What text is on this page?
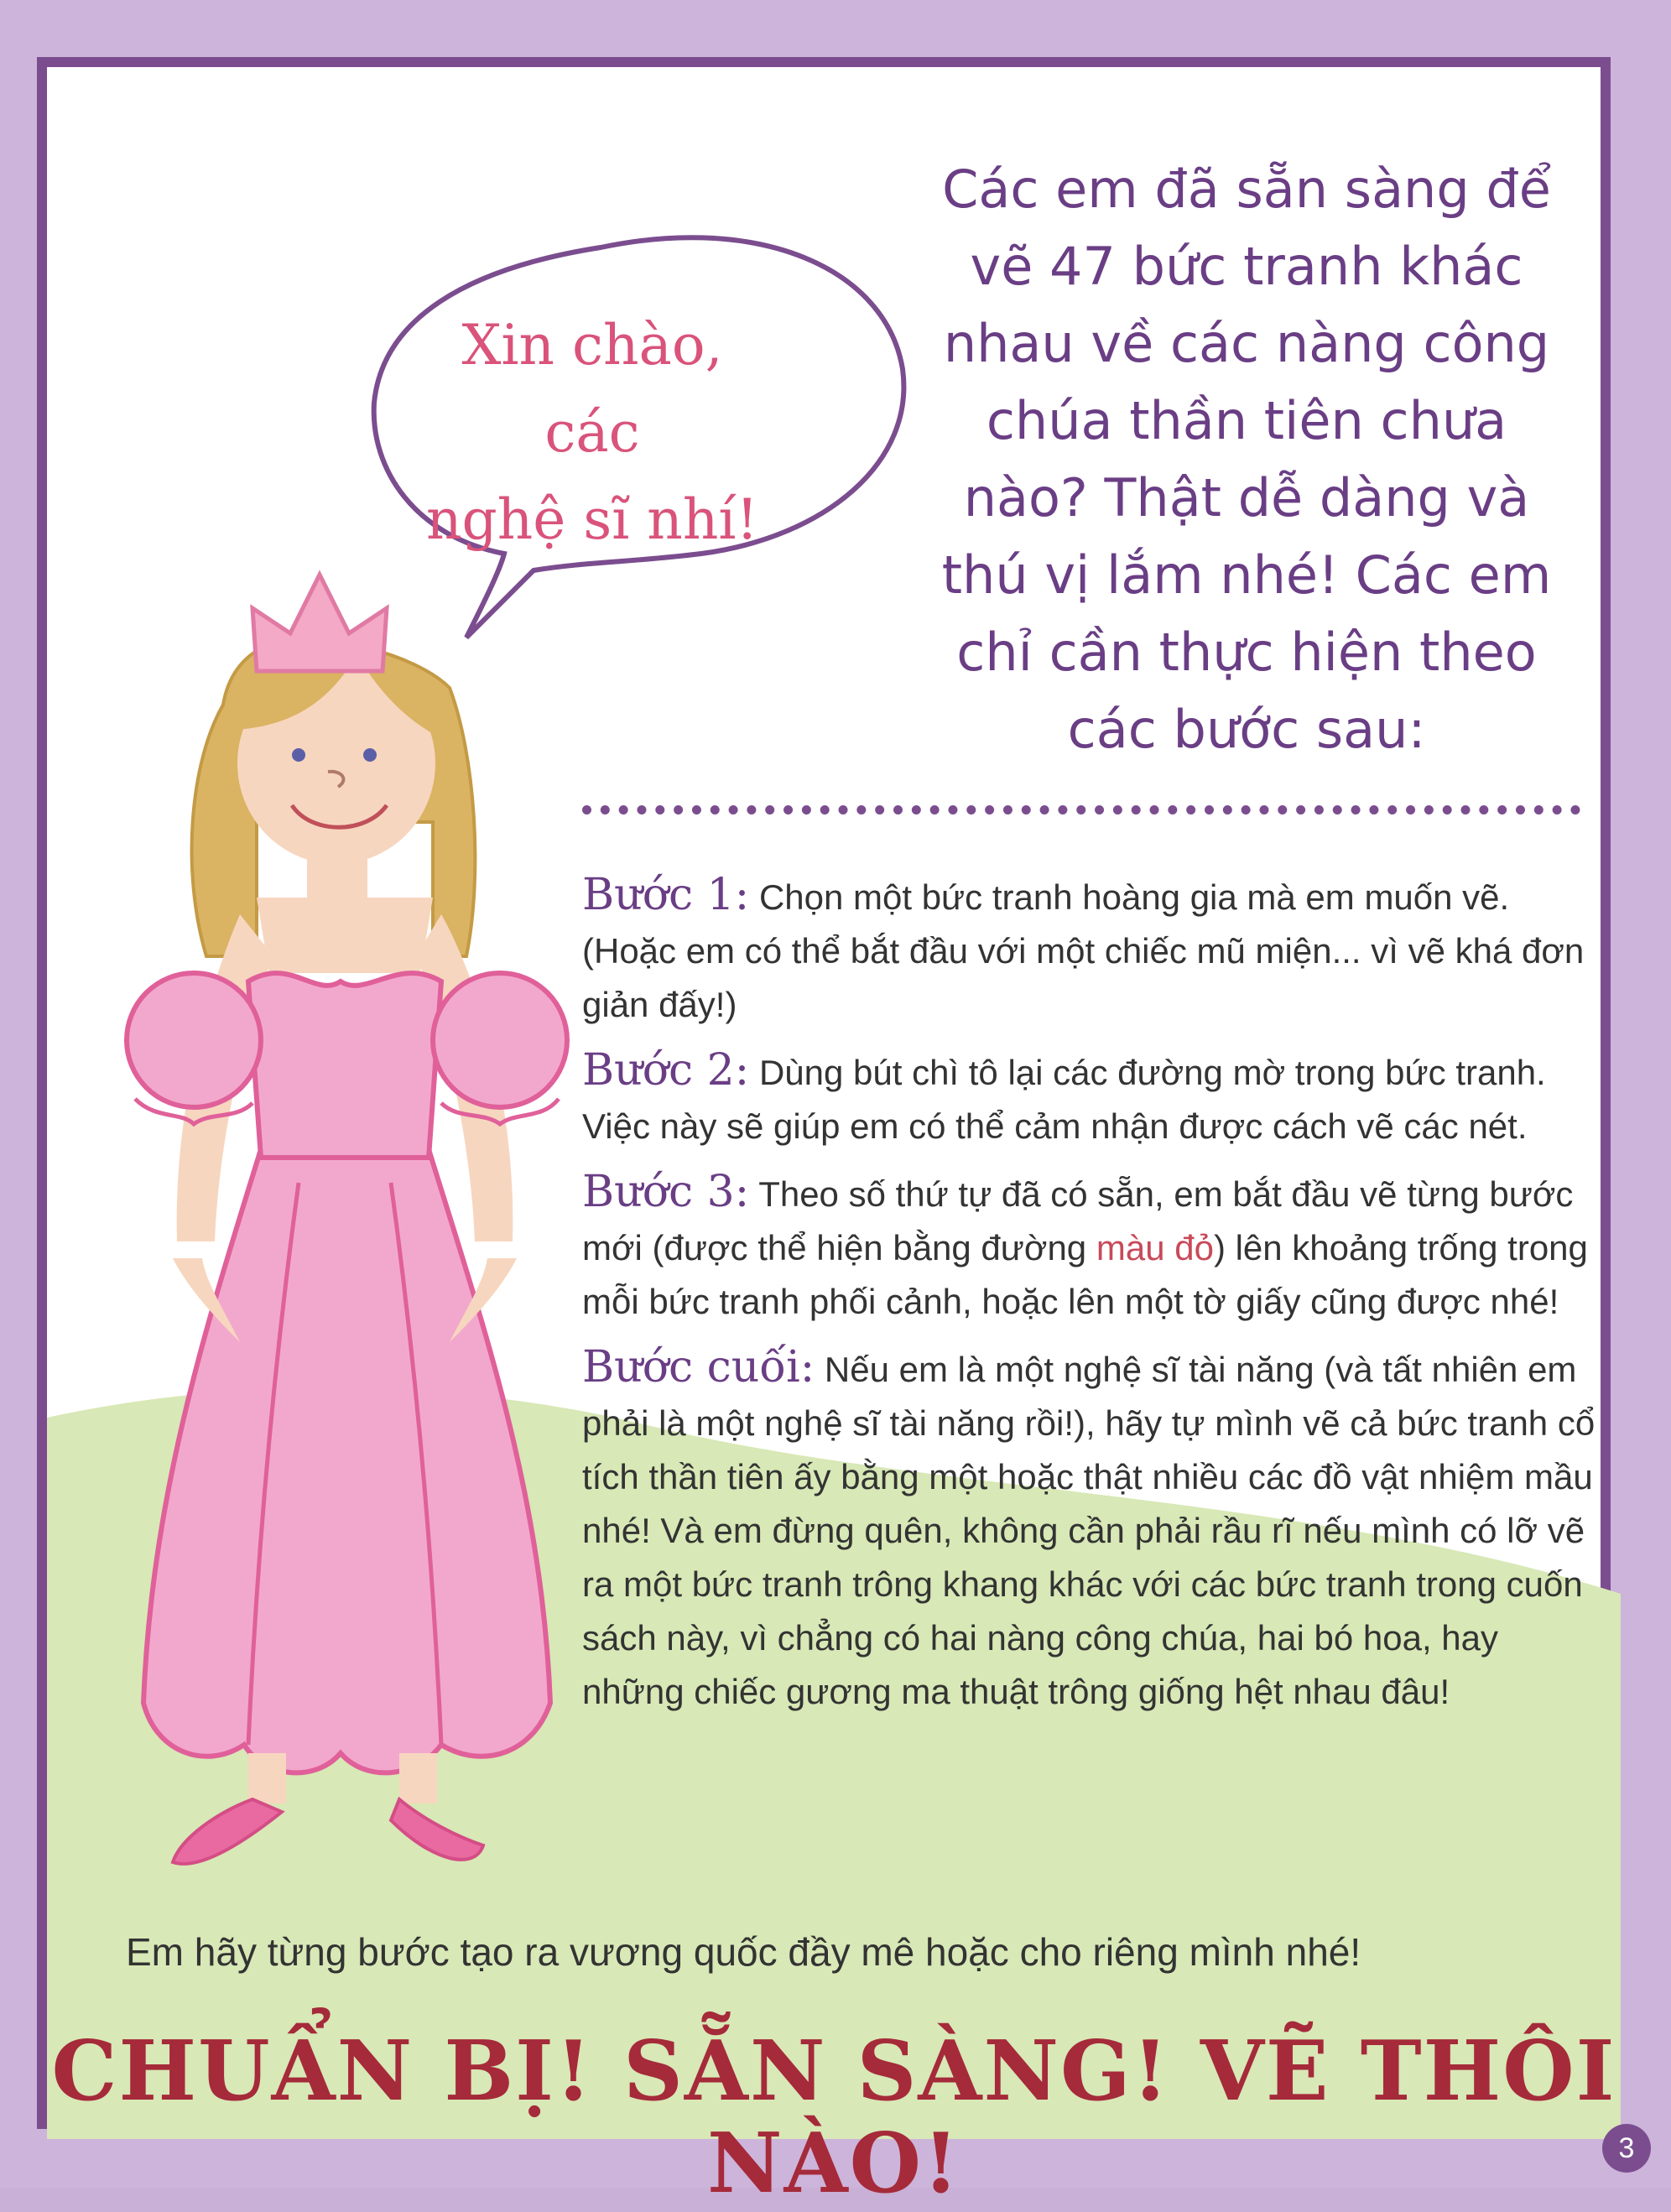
Xin chào, các
nghệ sĩ nhí!
Các em đã sẵn sàng để
vẽ 47 bức tranh khác
nhau về các nàng công
chúa thần tiên chưa
nào? Thật dễ dàng và
thú vị lắm nhé! Các em
chỉ cần thực hiện theo
các bước sau:

Bước 1: Chọn một bức tranh hoàng gia mà em muốn vẽ. (Hoặc em có thể bắt đầu với một chiếc mũ miện... vì vẽ khá đơn giản đấy!)

Bước 2: Dùng bút chì tô lại các đường mờ trong bức tranh. Việc này sẽ giúp em có thể cảm nhận được cách vẽ các nét.

Bước 3: Theo số thứ tự đã có sẵn, em bắt đầu vẽ từng bước mới (được thể hiện bằng đường màu đỏ) lên khoảng trống trong mỗi bức tranh phối cảnh, hoặc lên một tờ giấy cũng được nhé!

Bước cuối: Nếu em là một nghệ sĩ tài năng (và tất nhiên em phải là một nghệ sĩ tài năng rồi!), hãy tự mình vẽ cả bức tranh cổ tích thần tiên ấy bằng một hoặc thật nhiều các đồ vật nhiệm mầu nhé! Và em đừng quên, không cần phải rầu rĩ nếu mình có lỡ vẽ ra một bức tranh trông khang khác với các bức tranh trong cuốn sách này, vì chẳng có hai nàng công chúa, hai bó hoa, hay những chiếc gương ma thuật trông giống hệt nhau đâu!

Em hãy từng bước tạo ra vương quốc đầy mê hoặc cho riêng mình nhé!
CHUẨN BỊ! SẴN SÀNG! VẼ THÔI NÀO!	3
